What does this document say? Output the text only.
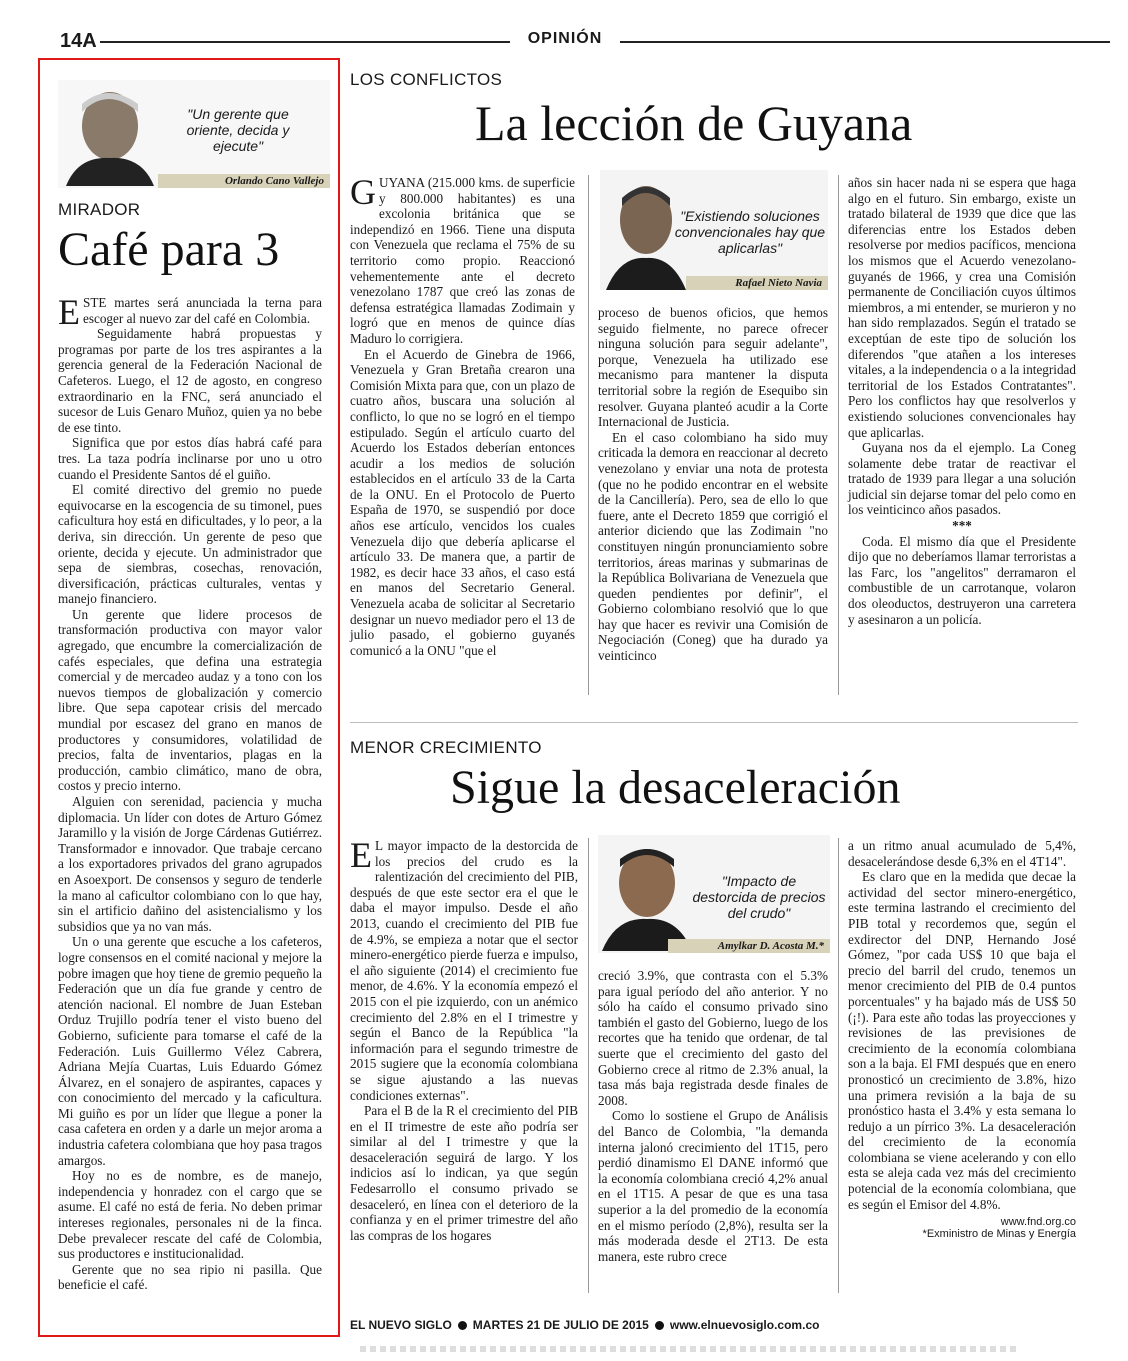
14A	OPINIÓN
"Un gerente que oriente, decida y ejecute"
Orlando Cano Vallejo
MIRADOR
Café para 3

ESTE martes será anunciada la terna para escoger al nuevo zar del café en Colombia.

Seguidamente habrá propuestas y programas por parte de los tres aspirantes a la gerencia general de la Federación Nacional de Cafeteros. Luego, el 12 de agosto, en congreso extraordinario en la FNC, será anunciado el sucesor de Luis Genaro Muñoz, quien ya no bebe de ese tinto.

Significa que por estos días habrá café para tres. La taza podría inclinarse por uno u otro cuando el Presidente Santos dé el guiño.

El comité directivo del gremio no puede equivocarse en la escogencia de su timonel, pues caficultura hoy está en dificultades, y lo peor, a la deriva, sin dirección. Un gerente de peso que oriente, decida y ejecute. Un administrador que sepa de siembras, cosechas, renovación, diversificación, prácticas culturales, ventas y manejo financiero.

Un gerente que lidere procesos de transformación productiva con mayor valor agregado, que encumbre la comercialización de cafés especiales, que defina una estrategia comercial y de mercadeo audaz y a tono con los nuevos tiempos de globalización y comercio libre. Que sepa capotear crisis del mercado mundial por escasez del grano en manos de productores y consumidores, volatilidad de precios, falta de inventarios, plagas en la producción, cambio climático, mano de obra, costos y precio interno.

Alguien con serenidad, paciencia y mucha diplomacia. Un líder con dotes de Arturo Gómez Jaramillo y la visión de Jorge Cárdenas Gutiérrez. Transformador e innovador. Que trabaje cercano a los exportadores privados del grano agrupados en Asoexport. De consensos y seguro de tenderle la mano al caficultor colombiano con lo que hay, sin el artificio dañino del asistencialismo y los subsidios que ya no van más.

Un o una gerente que escuche a los cafeteros, logre consensos en el comité nacional y mejore la pobre imagen que hoy tiene de gremio pequeño la Federación que un día fue grande y centro de atención nacional. El nombre de Juan Esteban Orduz Trujillo podría tener el visto bueno del Gobierno, suficiente para tomarse el café de la Federación. Luis Guillermo Vélez Cabrera, Adriana Mejía Cuartas, Luis Eduardo Gómez Álvarez, en el sonajero de aspirantes, capaces y con conocimiento del mercado y la caficultura. Mi guiño es por un líder que llegue a poner la casa cafetera en orden y a darle un mejor aroma a industria cafetera colombiana que hoy pasa tragos amargos.

Hoy no es de nombre, es de manejo, independencia y honradez con el cargo que se asume. El café no está de feria. No deben primar intereses regionales, personales ni de la finca. Debe prevalecer rescate del café de Colombia, sus productores e institucionalidad.

Gerente que no sea ripio ni pasilla. Que beneficie el café.

LOS CONFLICTOS
La lección de Guyana

GUYANA (215.000 kms. de superficie y 800.000 habitantes) es una excolonia británica que se independizó en 1966. Tiene una disputa con Venezuela que reclama el 75% de su territorio como propio. Reaccionó vehementemente ante el decreto venezolano 1787 que creó las zonas de defensa estratégica llamadas Zodimain y logró que en menos de quince días Maduro lo corrigiera.

En el Acuerdo de Ginebra de 1966, Venezuela y Gran Bretaña crearon una Comisión Mixta para que, con un plazo de cuatro años, buscara una solución al conflicto, lo que no se logró en el tiempo estipulado. Según el artículo cuarto del Acuerdo los Estados deberían entonces acudir a los medios de solución establecidos en el artículo 33 de la Carta de la ONU. En el Protocolo de Puerto España de 1970, se suspendió por doce años ese artículo, vencidos los cuales Venezuela dijo que debería aplicarse el artículo 33. De manera que, a partir de 1982, es decir hace 33 años, el caso está en manos del Secretario General. Venezuela acaba de solicitar al Secretario designar un nuevo mediador pero el 13 de julio pasado, el gobierno guyanés comunicó a la ONU "que el

"Existiendo soluciones convencionales hay que aplicarlas"
Rafael Nieto Navia

proceso de buenos oficios, que hemos seguido fielmente, no parece ofrecer ninguna solución para seguir adelante", porque, Venezuela ha utilizado ese mecanismo para mantener la disputa territorial sobre la región de Esequibo sin resolver. Guyana planteó acudir a la Corte Internacional de Justicia.

En el caso colombiano ha sido muy criticada la demora en reaccionar al decreto venezolano y enviar una nota de protesta (que no he podido encontrar en el website de la Cancillería). Pero, sea de ello lo que fuere, ante el Decreto 1859 que corrigió el anterior diciendo que las Zodimain "no constituyen ningún pronunciamiento sobre territorios, áreas marinas y submarinas de la República Bolivariana de Venezuela que queden pendientes por definir", el Gobierno colombiano resolvió que lo que hay que hacer es revivir una Comisión de Negociación (Coneg) que ha durado ya veinticinco

años sin hacer nada ni se espera que haga algo en el futuro. Sin embargo, existe un tratado bilateral de 1939 que dice que las diferencias entre los Estados deben resolverse por medios pacíficos, menciona los mismos que el Acuerdo venezolano-guyanés de 1966, y crea una Comisión permanente de Conciliación cuyos últimos miembros, a mi entender, se murieron y no han sido remplazados. Según el tratado se exceptúan de este tipo de solución los diferendos "que atañen a los intereses vitales, a la independencia o a la integridad territorial de los Estados Contratantes". Pero los conflictos hay que resolverlos y existiendo soluciones convencionales hay que aplicarlas.

Guyana nos da el ejemplo. La Coneg solamente debe tratar de reactivar el tratado de 1939 para llegar a una solución judicial sin dejarse tomar del pelo como en los veinticinco años pasados.

***

Coda. El mismo día que el Presidente dijo que no deberíamos llamar terroristas a las Farc, los "angelitos" derramaron el combustible de un carrotanque, volaron dos oleoductos, destruyeron una carretera y asesinaron a un policía.

MENOR CRECIMIENTO
Sigue la desaceleración

E L mayor impacto de la destorcida de los precios del crudo es la ralentización del crecimiento del PIB, después de que este sector era el que le daba el mayor impulso. Desde el año 2013, cuando el crecimiento del PIB fue de 4.9%, se empieza a notar que el sector minero-energético pierde fuerza e impulso, el año siguiente (2014) el crecimiento fue menor, de 4.6%. Y la economía empezó el 2015 con el pie izquierdo, con un anémico crecimiento del 2.8% en el I trimestre y según el Banco de la República "la información para el segundo trimestre de 2015 sugiere que la economía colombiana se sigue ajustando a las nuevas condiciones externas".

Para el B de la R el crecimiento del PIB en el II trimestre de este año podría ser similar al del I trimestre y que la desaceleración seguirá de largo. Y los indicios así lo indican, ya que según Fedesarrollo el consumo privado se desaceleró, en línea con el deterioro de la confianza y en el primer trimestre del año las compras de los hogares

"Impacto de destorcida de precios del crudo"
Amylkar D. Acosta M.*

creció 3.9%, que contrasta con el 5.3% para igual período del año anterior. Y no sólo ha caído el consumo privado sino también el gasto del Gobierno, luego de los recortes que ha tenido que ordenar, de tal suerte que el crecimiento del gasto del Gobierno crece al ritmo de 2.3% anual, la tasa más baja registrada desde finales de 2008.

Como lo sostiene el Grupo de Análisis del Banco de Colombia, "la demanda interna jalonó crecimiento del 1T15, pero perdió dinamismo El DANE informó que la economía colombiana creció 4,2% anual en el 1T15. A pesar de que es una tasa superior a la del promedio de la economía en el mismo período (2,8%), resulta ser la más moderada desde el 2T13. De esta manera, este rubro crece

a un ritmo anual acumulado de 5,4%, desacelerándose desde 6,3% en el 4T14".

Es claro que en la medida que decae la actividad del sector minero-energético, este termina lastrando el crecimiento del PIB total y recordemos que, según el exdirector del DNP, Hernando José Gómez, "por cada US$ 10 que baja el precio del barril del crudo, tenemos un menor crecimiento del PIB de 0.4 puntos porcentuales" y ha bajado más de US$ 50 (¡!). Para este año todas las proyecciones y revisiones de las previsiones de crecimiento de la economía colombiana son a la baja. El FMI después que en enero pronosticó un crecimiento de 3.8%, hizo una primera revisión a la baja de su pronóstico hasta el 3.4% y esta semana lo redujo a un pírrico 3%. La desaceleración del crecimiento de la economía colombiana se viene acelerando y con ello esta se aleja cada vez más del crecimiento potencial de la economía colombiana, que es según el Emisor del 4.8%.

www.fnd.org.co
*Exministro de Minas y Energía
EL NUEVO SIGLO MARTES 21 DE JULIO DE 2015 www.elnuevosiglo.com.co
